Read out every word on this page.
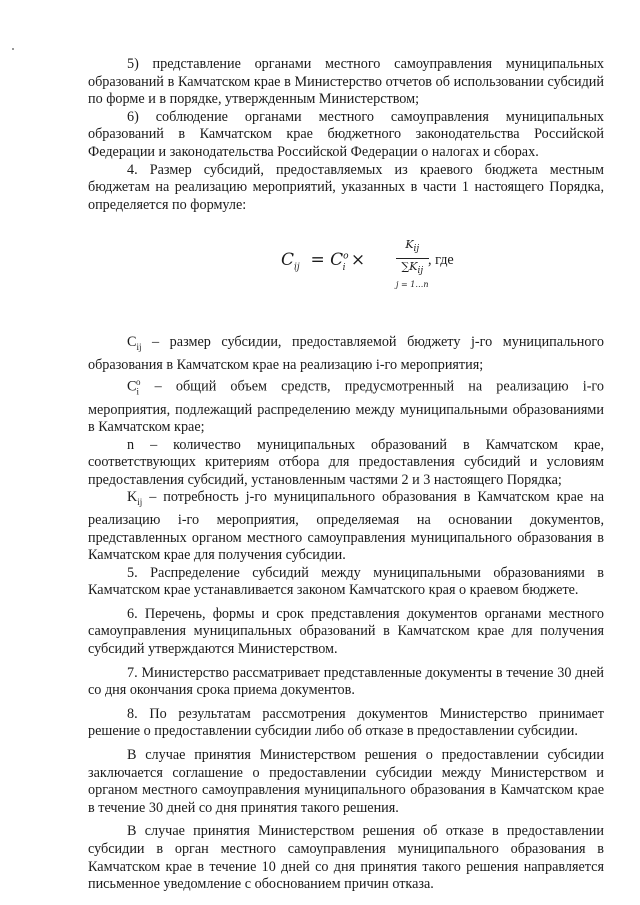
5) представление органами местного самоуправления муниципальных образований в Камчатском крае в Министерство отчетов об использовании субсидий по форме и в порядке, утвержденным Министерством;

6) соблюдение органами местного самоуправления муниципальных образований в Камчатском крае бюджетного законодательства Российской Федерации и законодательства Российской Федерации о налогах и сборах.

4. Размер субсидий, предоставляемых из краевого бюджета местным бюджетам на реализацию мероприятий, указанных в части 1 настоящего Порядка, определяется по формуле:

$C_{ij} = C^o_i$ ×
$K_{ij}$
$\sum K_{ij}$
j = 1…n
, где

$C_{ij}$ – размер субсидии, предоставляемой бюджету j-го муниципального образования в Камчатском крае на реализацию i-го мероприятия;

$C_i^o$ – общий объем средств, предусмотренный на реализацию i-го мероприятия, подлежащий распределению между муниципальными образованиями в Камчатском крае;

n – количество муниципальных образований в Камчатском крае, соответствующих критериям отбора для предоставления субсидий и условиям предоставления субсидий, установленным частями 2 и 3 настоящего Порядка;

$K_{ij}$ – потребность j-го муниципального образования в Камчатском крае на реализацию i-го мероприятия, определяемая на основании документов, представленных органом местного самоуправления муниципального образования в Камчатском крае для получения субсидии.

5. Распределение субсидий между муниципальными образованиями в Камчатском крае устанавливается законом Камчатского края о краевом бюджете.

6. Перечень, формы и срок представления документов органами местного самоуправления муниципальных образований в Камчатском крае для получения субсидий утверждаются Министерством.

7. Министерство рассматривает представленные документы в течение 30 дней со дня окончания срока приема документов.

8. По результатам рассмотрения документов Министерство принимает решение о предоставлении субсидии либо об отказе в предоставлении субсидии.

В случае принятия Министерством решения о предоставлении субсидии заключается соглашение о предоставлении субсидии между Министерством и органом местного самоуправления муниципального образования в Камчатском крае в течение 30 дней со дня принятия такого решения.

В случае принятия Министерством решения об отказе в предоставлении субсидии в орган местного самоуправления муниципального образования в Камчатском крае в течение 10 дней со дня принятия такого решения направляется письменное уведомление с обоснованием причин отказа.
